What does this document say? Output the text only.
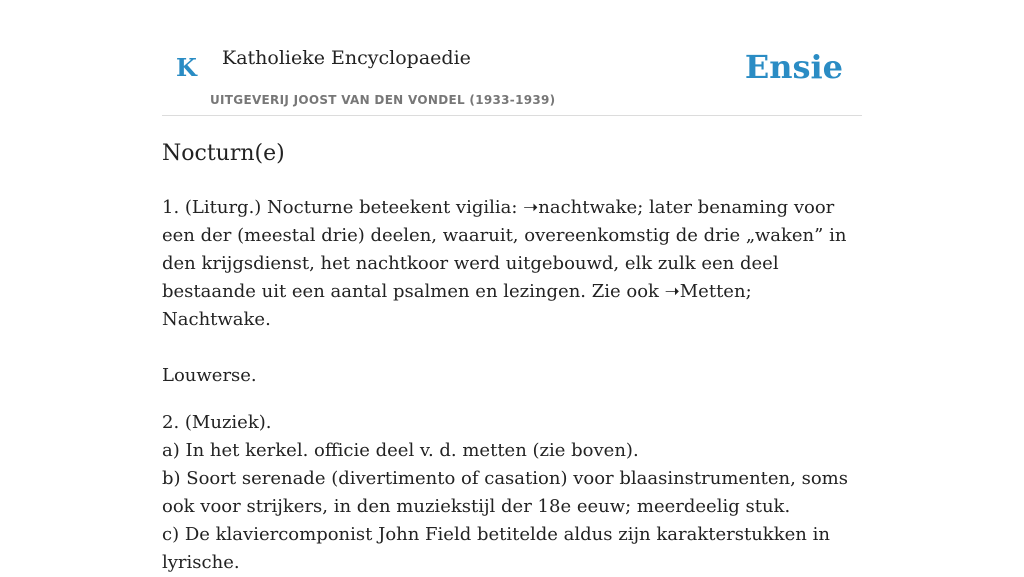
K Katholieke Encyclopaedie
UITGEVERIJ JOOST VAN DEN VONDEL (1933-1939)
Ensie
Nocturn(e)

1. (Liturg.) Nocturne beteekent vigilia: ➝nachtwake; later benaming voor een der (meestal drie) deelen, waaruit, overeenkomstig de drie „waken” in den krijgsdienst, het nachtkoor werd uitgebouwd, elk zulk een deel bestaande uit een aantal psalmen en lezingen. Zie ook ➝Metten; Nachtwake.

Louwerse.

2. (Muziek).

a) In het kerkel. officie deel v. d. metten (zie boven).

b) Soort serenade (divertimento of casation) voor blaasinstrumenten, soms ook voor strijkers, in den muziekstijl der 18e eeuw; meerdeelig stuk.

c) De klaviercomponist John Field betitelde aldus zijn karakterstukken in lyrische.
